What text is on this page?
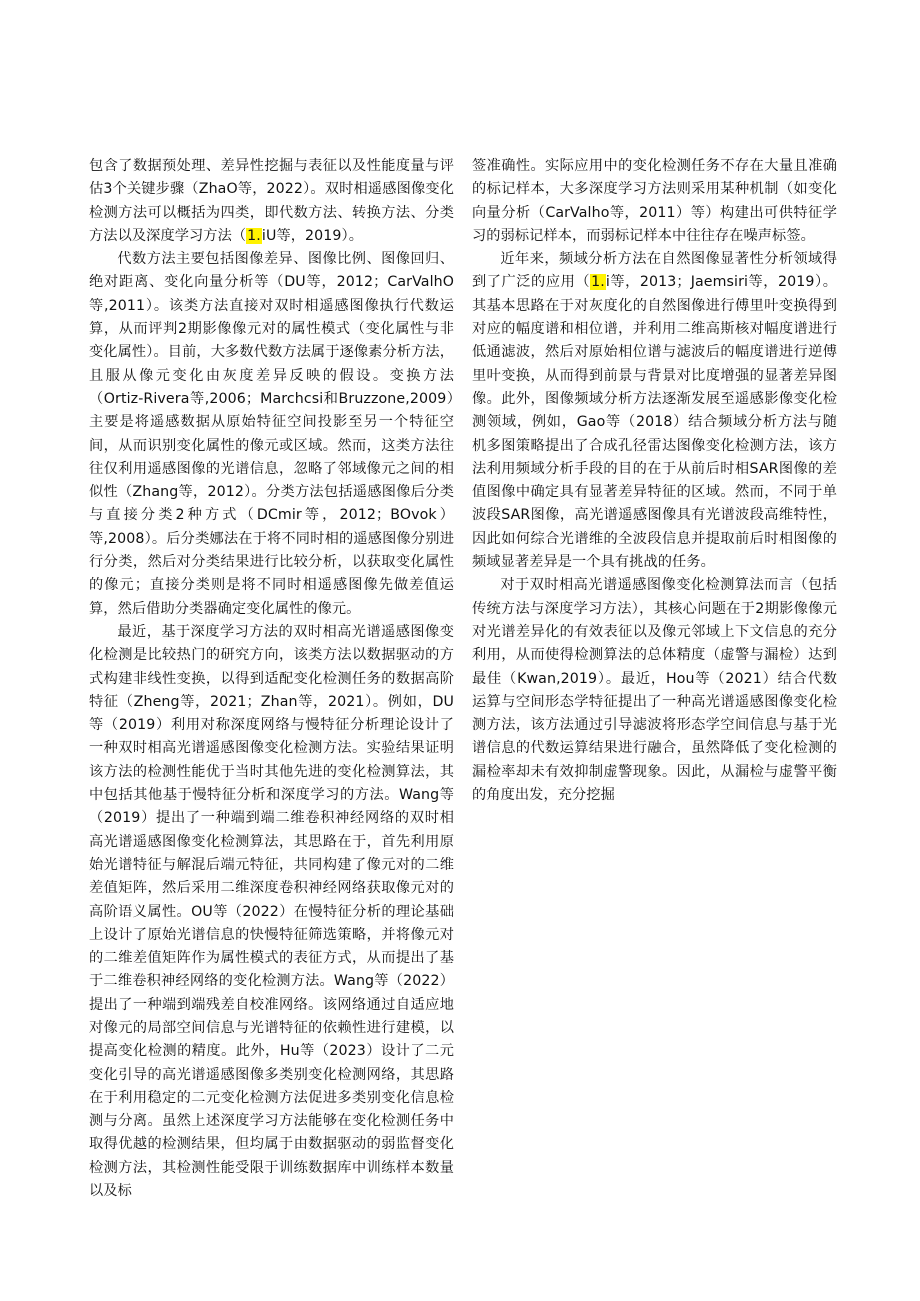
包含了数据预处理、差异性挖掘与表征以及性能度量与评估3个关键步骤（ZhaO等，2022）。双时相遥感图像变化检测方法可以概括为四类，即代数方法、转换方法、分类方法以及深度学习方法（1.iU等，2019）。

代数方法主要包括图像差异、图像比例、图像回归、绝对距离、变化向量分析等（DU等，2012；CarValhO等,2011）。该类方法直接对双时相遥感图像执行代数运算，从而评判2期影像像元对的属性模式（变化属性与非变化属性）。目前，大多数代数方法属于逐像素分析方法，且服从像元变化由灰度差异反映的假设。变换方法（Ortiz-Rivera等,2006；Marchcsi和Bruzzone,2009）主要是将遥感数据从原始特征空间投影至另一个特征空间，从而识别变化属性的像元或区域。然而，这类方法往往仅利用遥感图像的光谱信息，忽略了邻域像元之间的相似性（Zhang等，2012）。分类方法包括遥感图像后分类与直接分类2种方式（DCmir等，2012；BOvok）等,2008）。后分类娜法在于将不同时相的遥感图像分别进行分类，然后对分类结果进行比较分析，以获取变化属性的像元；直接分类则是将不同时相遥感图像先做差值运算，然后借助分类器确定变化属性的像元。

最近，基于深度学习方法的双时相高光谱遥感图像变化检测是比较热门的研究方向，该类方法以数据驱动的方式构建非线性变换，以得到适配变化检测任务的数据高阶特征（Zheng等，2021；Zhan等，2021）。例如，DU等（2019）利用对称深度网络与慢特征分析理论设计了一种双时相高光谱遥感图像变化检测方法。实验结果证明该方法的检测性能优于当时其他先进的变化检测算法，其中包括其他基于慢特征分析和深度学习的方法。Wang等（2019）提出了一种端到端二维卷积神经网络的双时相高光谱遥感图像变化检测算法，其思路在于，首先利用原始光谱特征与解混后端元特征，共同构建了像元对的二维差值矩阵，然后采用二维深度卷积神经网络获取像元对的高阶语义属性。OU等（2022）在慢特征分析的理论基础上设计了原始光谱信息的快慢特征筛选策略，并将像元对的二维差值矩阵作为属性模式的表征方式，从而提出了基于二维卷积神经网络的变化检测方法。Wang等（2022）提出了一种端到端残差自校准网络。该网络通过自适应地对像元的局部空间信息与光谱特征的依赖性进行建模，以提高变化检测的精度。此外，Hu等（2023）设计了二元变化引导的高光谱遥感图像多类别变化检测网络，其思路在于利用稳定的二元变化检测方法促进多类别变化信息检测与分离。虽然上述深度学习方法能够在变化检测任务中取得优越的检测结果，但均属于由数据驱动的弱监督变化检测方法，其检测性能受限于训练数据库中训练样本数量以及标

签准确性。实际应用中的变化检测任务不存在大量且准确的标记样本，大多深度学习方法则采用某种机制（如变化向量分析（CarValho等，2011）等）构建出可供特征学习的弱标记样本，而弱标记样本中往往存在噪声标签。

近年来，频域分析方法在自然图像显著性分析领域得到了广泛的应用（1.i等，2013；Jaemsiri等，2019）。其基本思路在于对灰度化的自然图像进行傅里叶变换得到对应的幅度谱和相位谱，并利用二维高斯核对幅度谱进行低通滤波，然后对原始相位谱与滤波后的幅度谱进行逆傅里叶变换，从而得到前景与背景对比度增强的显著差异图像。此外，图像频域分析方法逐渐发展至遥感影像变化检测领域，例如，Gao等（2018）结合频域分析方法与随机多图策略提出了合成孔径雷达图像变化检测方法，该方法利用频域分析手段的目的在于从前后时相SAR图像的差值图像中确定具有显著差异特征的区域。然而，不同于单波段SAR图像，高光谱遥感图像具有光谱波段高维特性，因此如何综合光谱维的全波段信息并提取前后时相图像的频域显著差异是一个具有挑战的任务。

对于双时相高光谱遥感图像变化检测算法而言（包括传统方法与深度学习方法），其核心问题在于2期影像像元对光谱差异化的有效表征以及像元邻域上下文信息的充分利用，从而使得检测算法的总体精度（虚警与漏检）达到最佳（Kwan,2019）。最近，Hou等（2021）结合代数运算与空间形态学特征提出了一种高光谱遥感图像变化检测方法，该方法通过引导滤波将形态学空间信息与基于光谱信息的代数运算结果进行融合，虽然降低了变化检测的漏检率却未有效抑制虚警现象。因此，从漏检与虚警平衡的角度出发，充分挖掘
